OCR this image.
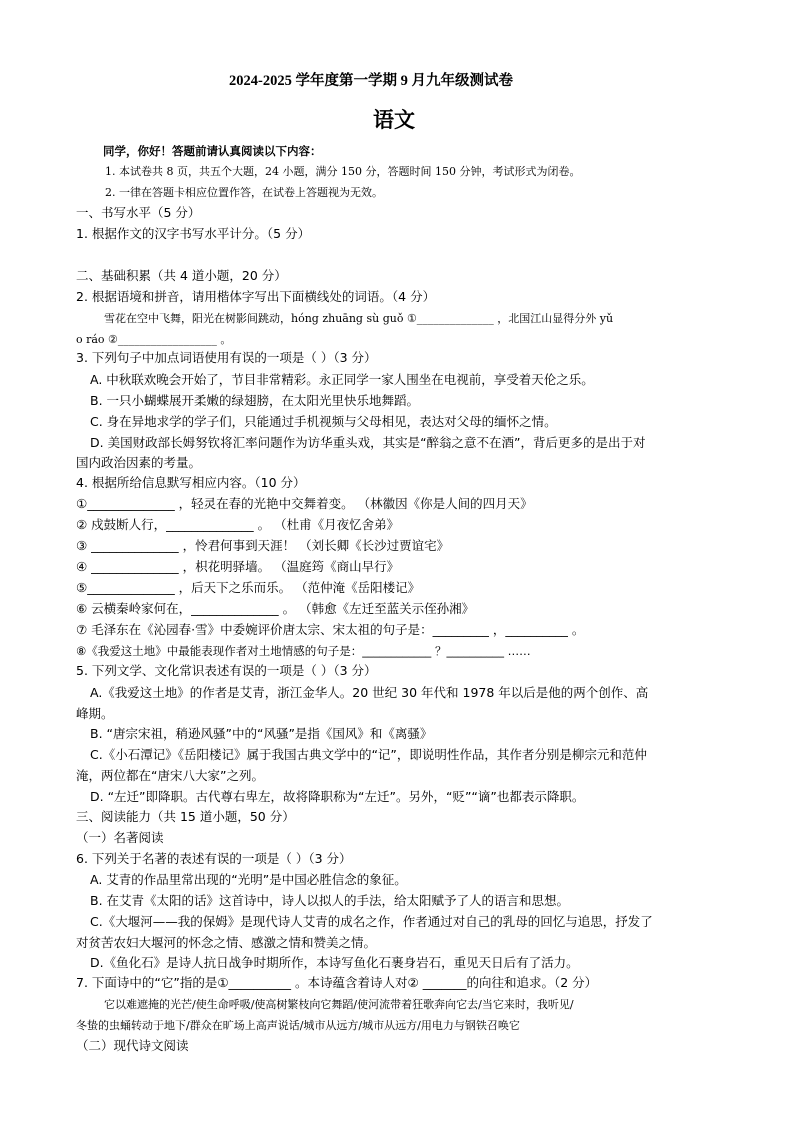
2024-2025 学年度第一学期 9 月九年级测试卷
语文
同学，你好！答题前请认真阅读以下内容：
1. 本试卷共 8 页，共五个大题，24 小题，满分 150 分，答题时间 150 分钟，考试形式为闭卷。
2. 一律在答题卡相应位置作答，在试卷上答题视为无效。
一、书写水平（5 分）
1. 根据作文的汉字书写水平计分。（5 分）
二、基础积累（共 4 道小题，20 分）
2. 根据语境和拼音，请用楷体字写出下面横线处的词语。（4 分）
雪花在空中飞舞，阳光在树影间跳动，hóng zhuāng sù guǒ ①______________ ，北国江山显得分外 yǔ
o ráo ②__________________ 。
3. 下列句子中加点词语使用有误的一项是（ ）（3 分）
A. 中秋联欢晚会开始了，节目非常精彩。永正同学一家人围坐在电视前，享受着天伦之乐。
B. 一只小蝴蝶展开柔嫩的绿翅膀，在太阳光里快乐地舞蹈。
C. 身在异地求学的学子们，只能通过手机视频与父母相见，表达对父母的缅怀之情。
D. 美国财政部长姆努钦将汇率问题作为访华重头戏，其实是“醉翁之意不在酒”，背后更多的是出于对
国内政治因素的考量。
4. 根据所给信息默写相应内容。（10 分）
①______________ ，轻灵在春的光艳中交舞着变。 （林徽因《你是人间的四月天》
② 戍鼓断人行，______________ 。 （杜甫《月夜忆舍弟》
③ ______________ ，怜君何事到天涯！ （刘长卿《长沙过贾谊宅》
④ ______________ ，枳花明驿墙。 （温庭筠《商山早行》
⑤______________ ，后天下之乐而乐。 （范仲淹《岳阳楼记》
⑥ 云横秦岭家何在，______________ 。 （韩愈《左迁至蓝关示侄孙湘》
⑦ 毛泽东在《沁园春·雪》中委婉评价唐太宗、宋太祖的句子是：_________ ，__________ 。
⑧《我爱这土地》中最能表现作者对土地情感的句子是：____________ ？__________ ……
5. 下列文学、文化常识表述有误的一项是（ ）（3 分）
A.《我爱这土地》的作者是艾青，浙江金华人。20 世纪 30 年代和 1978 年以后是他的两个创作、高
峰期。
B. “唐宗宋祖，稍逊风骚”中的“风骚”是指《国风》和《离骚》
C.《小石潭记》《岳阳楼记》属于我国古典文学中的“记”，即说明性作品，其作者分别是柳宗元和范仲
淹，两位都在“唐宋八大家”之列。
D. “左迁”即降职。古代尊右卑左，故将降职称为“左迁”。另外，“贬”“谪”也都表示降职。
三、阅读能力（共 15 道小题，50 分）
（一）名著阅读
6. 下列关于名著的表述有误的一项是（ ）（3 分）
A. 艾青的作品里常出现的“光明”是中国必胜信念的象征。
B. 在艾青《太阳的话》这首诗中，诗人以拟人的手法，给太阳赋予了人的语言和思想。
C.《大堰河——我的保姆》是现代诗人艾青的成名之作，作者通过对自己的乳母的回忆与追思，抒发了
对贫苦农妇大堰河的怀念之情、感激之情和赞美之情。
D.《鱼化石》是诗人抗日战争时期所作，本诗写鱼化石裹身岩石，重见天日后有了活力。
7. 下面诗中的“它”指的是①__________ 。本诗蕴含着诗人对② _______的向往和追求。（2 分）
它以难遮掩的光芒/使生命呼吸/使高树繁枝向它舞蹈/使河流带着狂歌奔向它去/当它来时，我听见/
冬蛰的虫蛹转动于地下/群众在旷场上高声说话/城市从远方/城市从远方/用电力与钢铁召唤它
（二）现代诗文阅读
